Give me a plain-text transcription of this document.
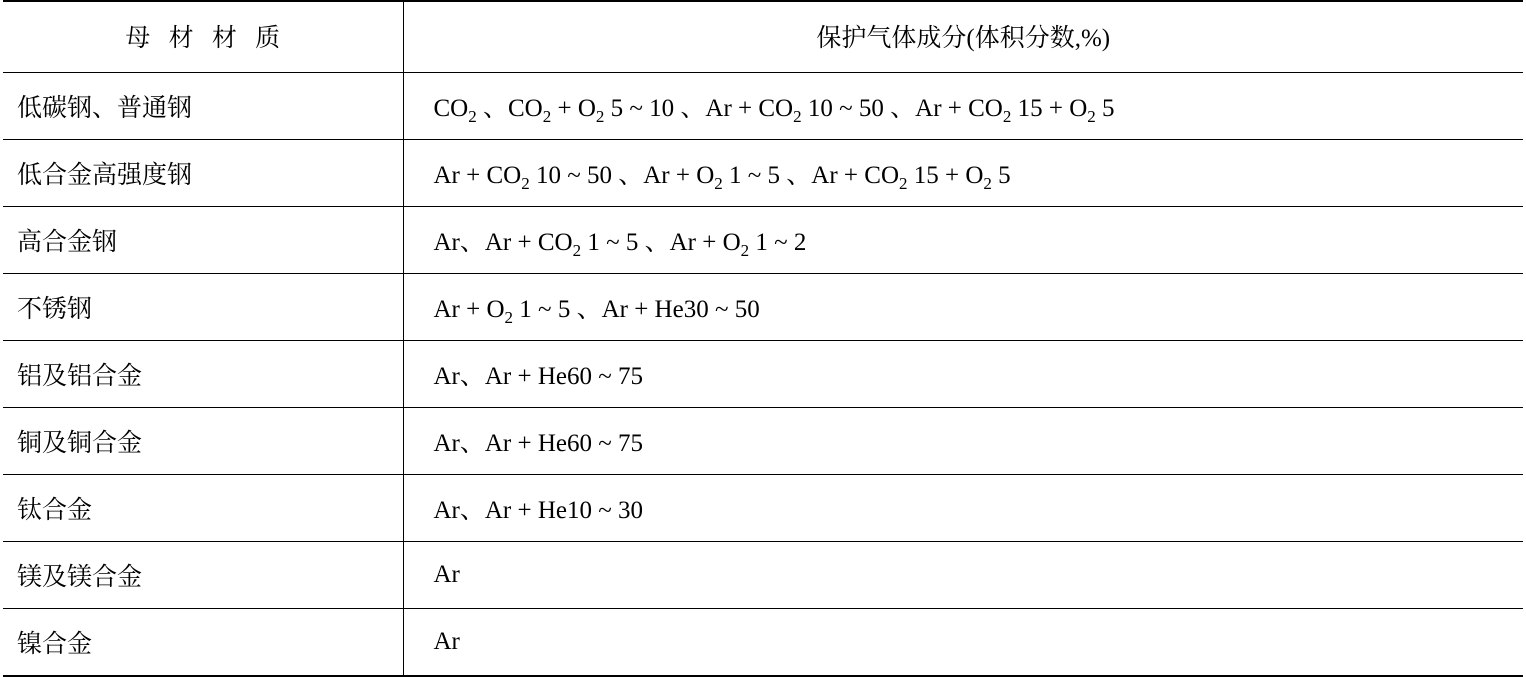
母 材 材 质	保护气体成分(体积分数,%)
低碳钢、普通钢	$CO_2$ 、$CO_2 + O_2$ 5 ~ 10 、$Ar + CO_2$ 10 ~ 50 、$Ar + CO_2$ $15 + O_2$ 5
低合金高强度钢	$Ar + CO_2$ 10 ~ 50 、$Ar + O_2$ 1 ~ 5 、$Ar + CO_2$ $15 + O_2$ 5
高合金钢	Ar、$Ar + CO_2$ 1 ~ 5 、$Ar + O_2$ 1 ~ 2
不锈钢	$Ar + O_2$ 1 ~ 5 、Ar + He30 ~ 50
铝及铝合金	Ar、Ar + He60 ~ 75
铜及铜合金	Ar、Ar + He60 ~ 75
钛合金	Ar、Ar + He10 ~ 30
镁及镁合金	Ar
镍合金	Ar
